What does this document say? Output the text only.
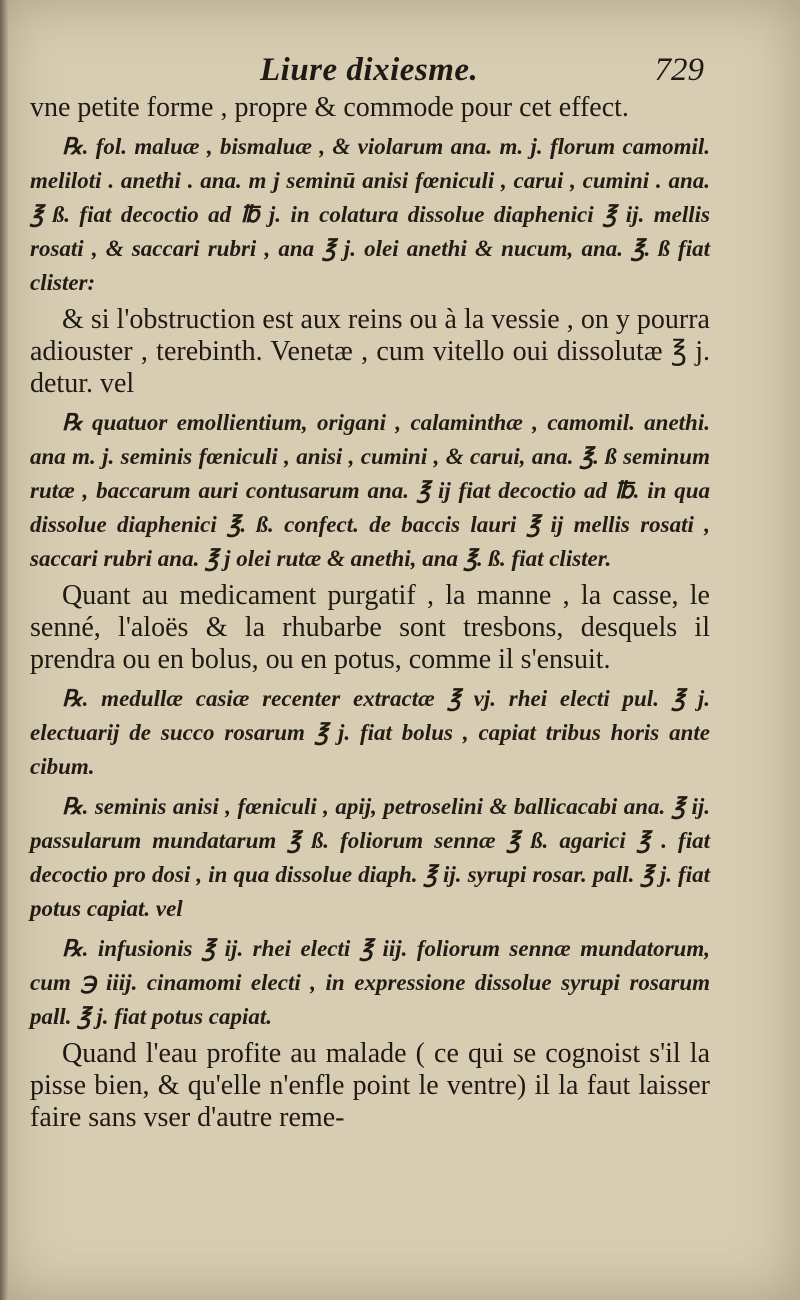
Liure dixiesme.	729

vne petite forme , propre & commode pour cet effect.

℞. fol. maluæ , bismaluæ , & violarum ana. m. j. florum camomil. meliloti . anethi . ana. m j seminū anisi fœniculi , carui , cumini . ana. ℥ ß. fiat decoctio ad ℔ j. in colatura dissolue diaphenici ℥ ij. mellis rosati , & saccari rubri , ana ℥ j. olei anethi & nucum, ana. ℥. ß fiat clister:

& si l'obstruction est aux reins ou à la vessie , on y pourra adiouster , terebinth. Venetæ , cum vitello oui dissolutæ ℥ j. detur. vel

℞ quatuor emollientium, origani , calaminthæ , camomil. anethi. ana m. j. seminis fœniculi , anisi , cumini , & carui, ana. ℥. ß seminum rutæ , baccarum auri contusarum ana. ℥ ij fiat decoctio ad ℔. in qua dissolue diaphenici ℥. ß. confect. de baccis lauri ℥ ij mellis rosati , saccari rubri ana. ℥ j olei rutæ & anethi, ana ℥. ß. fiat clister.

Quant au medicament purgatif , la manne , la casse, le senné, l'aloës & la rhubarbe sont tresbons, desquels il prendra ou en bolus, ou en potus, comme il s'ensuit.

℞. medullæ casiæ recenter extractæ ℥ vj. rhei electi pul. ℥ j. electuarij de succo rosarum ℥ j. fiat bolus , capiat tribus horis ante cibum.

℞. seminis anisi , fœniculi , apij, petroselini & ballicacabi ana. ℥ ij. passularum mundatarum ℥ ß. foliorum sennæ ℥ ß. agarici ℥ . fiat decoctio pro dosi , in qua dissolue diaph. ℥ ij. syrupi rosar. pall. ℥ j. fiat potus capiat. vel

℞. infusionis ℥ ij. rhei electi ℥ iij. foliorum sennæ mundatorum, cum ℈ iiij. cinamomi electi , in expressione dissolue syrupi rosarum pall. ℥ j. fiat potus capiat.

Quand l'eau profite au malade ( ce qui se cognoist s'il la pisse bien, & qu'elle n'enfle point le ventre) il la faut laisser faire sans vser d'autre reme-
